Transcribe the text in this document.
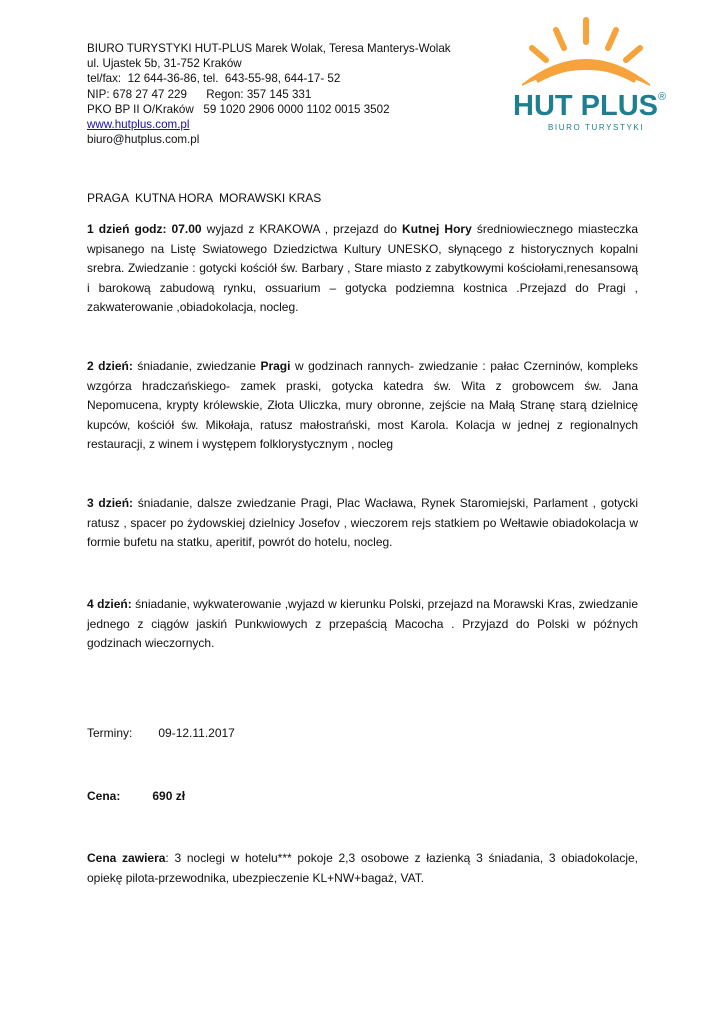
BIURO TURYSTYKI HUT-PLUS Marek Wolak, Teresa Manterys-Wolak
ul. Ujastek 5b, 31-752 Kraków
tel/fax:  12 644-36-86, tel.  643-55-98, 644-17- 52
NIP: 678 27 47 229      Regon: 357 145 331
PKO BP II O/Kraków   59 1020 2906 0000 1102 0015 3502
www.hutplus.com.pl
biuro@hutplus.com.pl
HUT PLUS ®
BIURO TURYSTYKI
PRAGA  KUTNA HORA  MORAWSKI KRAS
1 dzień godz: 07.00 wyjazd z KRAKOWA , przejazd do Kutnej Hory średniowiecznego miasteczka wpisanego na Listę Swiatowego Dziedzictwa Kultury UNESKO, słynącego z historycznych kopalni srebra. Zwiedzanie : gotycki kościół św. Barbary , Stare miasto z zabytkowymi kościołami,renesansową i barokową zabudową rynku, ossuarium – gotycka podziemna kostnica .Przejazd do Pragi , zakwaterowanie ,obiadokolacja, nocleg.
2 dzień: śniadanie, zwiedzanie Pragi w godzinach rannych- zwiedzanie : pałac Czerninów, kompleks wzgórza hradczańskiego- zamek praski, gotycka katedra św. Wita z grobowcem św. Jana Nepomucena, krypty królewskie, Złota Uliczka, mury obronne, zejście na Małą Stranę starą dzielnicę kupców, kościół św. Mikołaja, ratusz małostrański, most Karola. Kolacja w jednej z regionalnych restauracji, z winem i występem folklorystycznym , nocleg
3 dzień: śniadanie, dalsze zwiedzanie Pragi, Plac Wacława, Rynek Staromiejski, Parlament , gotycki ratusz , spacer po żydowskiej dzielnicy Josefov , wieczorem rejs statkiem po Wełtawie obiadokolacja w formie bufetu na statku, aperitif, powrót do hotelu, nocleg.
4 dzień: śniadanie, wykwaterowanie ,wyjazd w kierunku Polski, przejazd na Morawski Kras, zwiedzanie jednego z ciągów jaskiń Punkwiowych z przepaścią Macocha . Przyjazd do Polski w późnych godzinach wieczornych.
Terminy: 09-12.11.2017
Cena:	690 zł
Cena zawiera: 3 noclegi w hotelu*** pokoje 2,3 osobowe z łazienką 3 śniadania, 3 obiadokolacje, opiekę pilota-przewodnika, ubezpieczenie KL+NW+bagaż, VAT.
